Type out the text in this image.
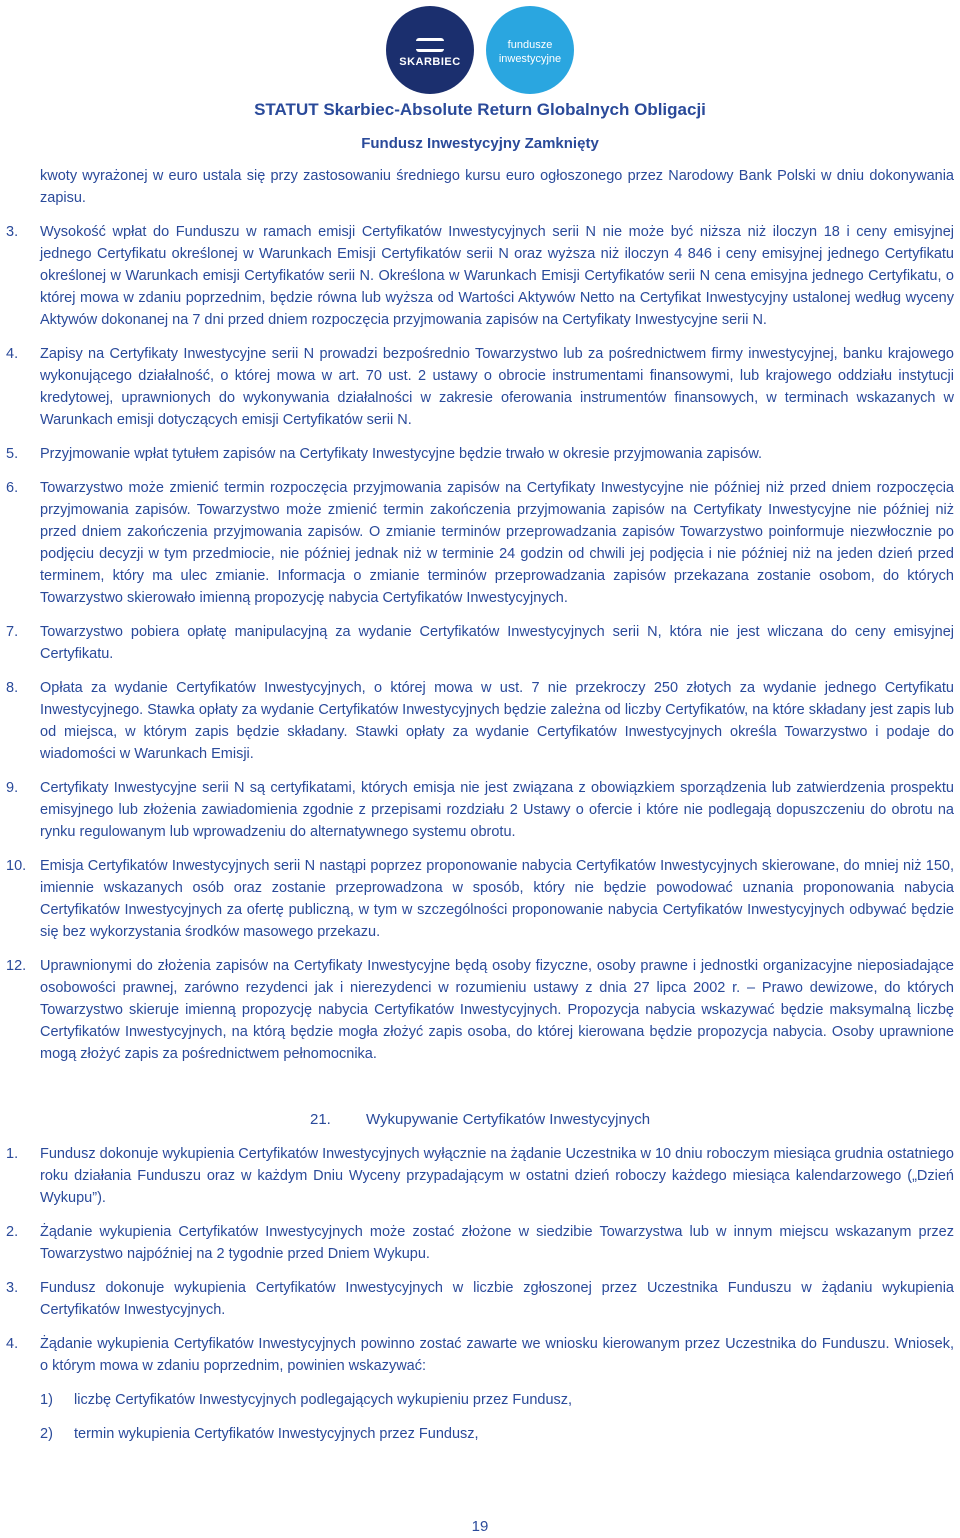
SKARBIEC
fundusze
inwestycyjne
STATUT Skarbiec-Absolute Return Globalnych Obligacji
Fundusz Inwestycyjny Zamknięty
kwoty wyrażonej w euro ustala się przy zastosowaniu średniego kursu euro ogłoszonego przez Narodowy Bank Polski w dniu dokonywania zapisu.
3. Wysokość wpłat do Funduszu w ramach emisji Certyfikatów Inwestycyjnych serii N nie może być niższa niż iloczyn 18 i ceny emisyjnej jednego Certyfikatu określonej w Warunkach Emisji Certyfikatów serii N oraz wyższa niż iloczyn 4 846 i ceny emisyjnej jednego Certyfikatu określonej w Warunkach emisji Certyfikatów serii N. Określona w Warunkach Emisji Certyfikatów serii N cena emisyjna jednego Certyfikatu, o której mowa w zdaniu poprzednim, będzie równa lub wyższa od Wartości Aktywów Netto na Certyfikat Inwestycyjny ustalonej według wyceny Aktywów dokonanej na 7 dni przed dniem rozpoczęcia przyjmowania zapisów na Certyfikaty Inwestycyjne serii N.
4. Zapisy na Certyfikaty Inwestycyjne serii N prowadzi bezpośrednio Towarzystwo lub za pośrednictwem firmy inwestycyjnej, banku krajowego wykonującego działalność, o której mowa w art. 70 ust. 2 ustawy o obrocie instrumentami finansowymi, lub krajowego oddziału instytucji kredytowej, uprawnionych do wykonywania działalności w zakresie oferowania instrumentów finansowych, w terminach wskazanych w Warunkach emisji dotyczących emisji Certyfikatów serii N.
5. Przyjmowanie wpłat tytułem zapisów na Certyfikaty Inwestycyjne będzie trwało w okresie przyjmowania zapisów.
6. Towarzystwo może zmienić termin rozpoczęcia przyjmowania zapisów na Certyfikaty Inwestycyjne nie później niż przed dniem rozpoczęcia przyjmowania zapisów. Towarzystwo może zmienić termin zakończenia przyjmowania zapisów na Certyfikaty Inwestycyjne nie później niż przed dniem zakończenia przyjmowania zapisów. O zmianie terminów przeprowadzania zapisów Towarzystwo poinformuje niezwłocznie po podjęciu decyzji w tym przedmiocie, nie później jednak niż w terminie 24 godzin od chwili jej podjęcia i nie później niż na jeden dzień przed terminem, który ma ulec zmianie. Informacja o zmianie terminów przeprowadzania zapisów przekazana zostanie osobom, do których Towarzystwo skierowało imienną propozycję nabycia Certyfikatów Inwestycyjnych.
7. Towarzystwo pobiera opłatę manipulacyjną za wydanie Certyfikatów Inwestycyjnych serii N, która nie jest wliczana do ceny emisyjnej Certyfikatu.
8. Opłata za wydanie Certyfikatów Inwestycyjnych, o której mowa w ust. 7 nie przekroczy 250 złotych za wydanie jednego Certyfikatu Inwestycyjnego. Stawka opłaty za wydanie Certyfikatów Inwestycyjnych będzie zależna od liczby Certyfikatów, na które składany jest zapis lub od miejsca, w którym zapis będzie składany. Stawki opłaty za wydanie Certyfikatów Inwestycyjnych określa Towarzystwo i podaje do wiadomości w Warunkach Emisji.
9. Certyfikaty Inwestycyjne serii N są certyfikatami, których emisja nie jest związana z obowiązkiem sporządzenia lub zatwierdzenia prospektu emisyjnego lub złożenia zawiadomienia zgodnie z przepisami rozdziału 2 Ustawy o ofercie i które nie podlegają dopuszczeniu do obrotu na rynku regulowanym lub wprowadzeniu do alternatywnego systemu obrotu.
10. Emisja Certyfikatów Inwestycyjnych serii N nastąpi poprzez proponowanie nabycia Certyfikatów Inwestycyjnych skierowane, do mniej niż 150, imiennie wskazanych osób oraz zostanie przeprowadzona w sposób, który nie będzie powodować uznania proponowania nabycia Certyfikatów Inwestycyjnych za ofertę publiczną, w tym w szczególności proponowanie nabycia Certyfikatów Inwestycyjnych odbywać będzie się bez wykorzystania środków masowego przekazu.
12. Uprawnionymi do złożenia zapisów na Certyfikaty Inwestycyjne będą osoby fizyczne, osoby prawne i jednostki organizacyjne nieposiadające osobowości prawnej, zarówno rezydenci jak i nierezydenci w rozumieniu ustawy z dnia 27 lipca 2002 r. – Prawo dewizowe, do których Towarzystwo skieruje imienną propozycję nabycia Certyfikatów Inwestycyjnych. Propozycja nabycia wskazywać będzie maksymalną liczbę Certyfikatów Inwestycyjnych, na którą będzie mogła złożyć zapis osoba, do której kierowana będzie propozycja nabycia. Osoby uprawnione mogą złożyć zapis za pośrednictwem pełnomocnika.
21. Wykupywanie Certyfikatów Inwestycyjnych
1. Fundusz dokonuje wykupienia Certyfikatów Inwestycyjnych wyłącznie na żądanie Uczestnika w 10 dniu roboczym miesiąca grudnia ostatniego roku działania Funduszu oraz w każdym Dniu Wyceny przypadającym w ostatni dzień roboczy każdego miesiąca kalendarzowego („Dzień Wykupu”).
2. Żądanie wykupienia Certyfikatów Inwestycyjnych może zostać złożone w siedzibie Towarzystwa lub w innym miejscu wskazanym przez Towarzystwo najpóźniej na 2 tygodnie przed Dniem Wykupu.
3. Fundusz dokonuje wykupienia Certyfikatów Inwestycyjnych w liczbie zgłoszonej przez Uczestnika Funduszu w żądaniu wykupienia Certyfikatów Inwestycyjnych.
4. Żądanie wykupienia Certyfikatów Inwestycyjnych powinno zostać zawarte we wniosku kierowanym przez Uczestnika do Funduszu. Wniosek, o którym mowa w zdaniu poprzednim, powinien wskazywać:
1) liczbę Certyfikatów Inwestycyjnych podlegających wykupieniu przez Fundusz,
2) termin wykupienia Certyfikatów Inwestycyjnych przez Fundusz,
19
